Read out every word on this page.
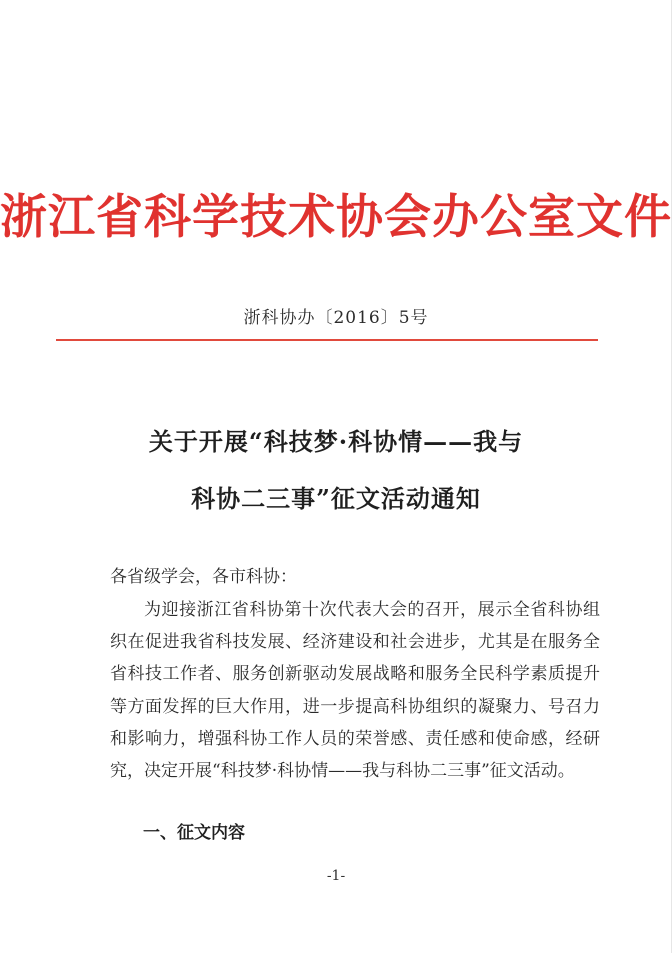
浙江省科学技术协会办公室文件
浙科协办〔2016〕5号
关于开展“科技梦·科协情——我与
科协二三事”征文活动通知
各省级学会，各市科协：
为迎接浙江省科协第十次代表大会的召开，展示全省科协组织在促进我省科技发展、经济建设和社会进步，尤其是在服务全省科技工作者、服务创新驱动发展战略和服务全民科学素质提升等方面发挥的巨大作用，进一步提高科协组织的凝聚力、号召力和影响力，增强科协工作人员的荣誉感、责任感和使命感，经研究，决定开展“科技梦·科协情——我与科协二三事”征文活动。
一、征文内容
-1-
